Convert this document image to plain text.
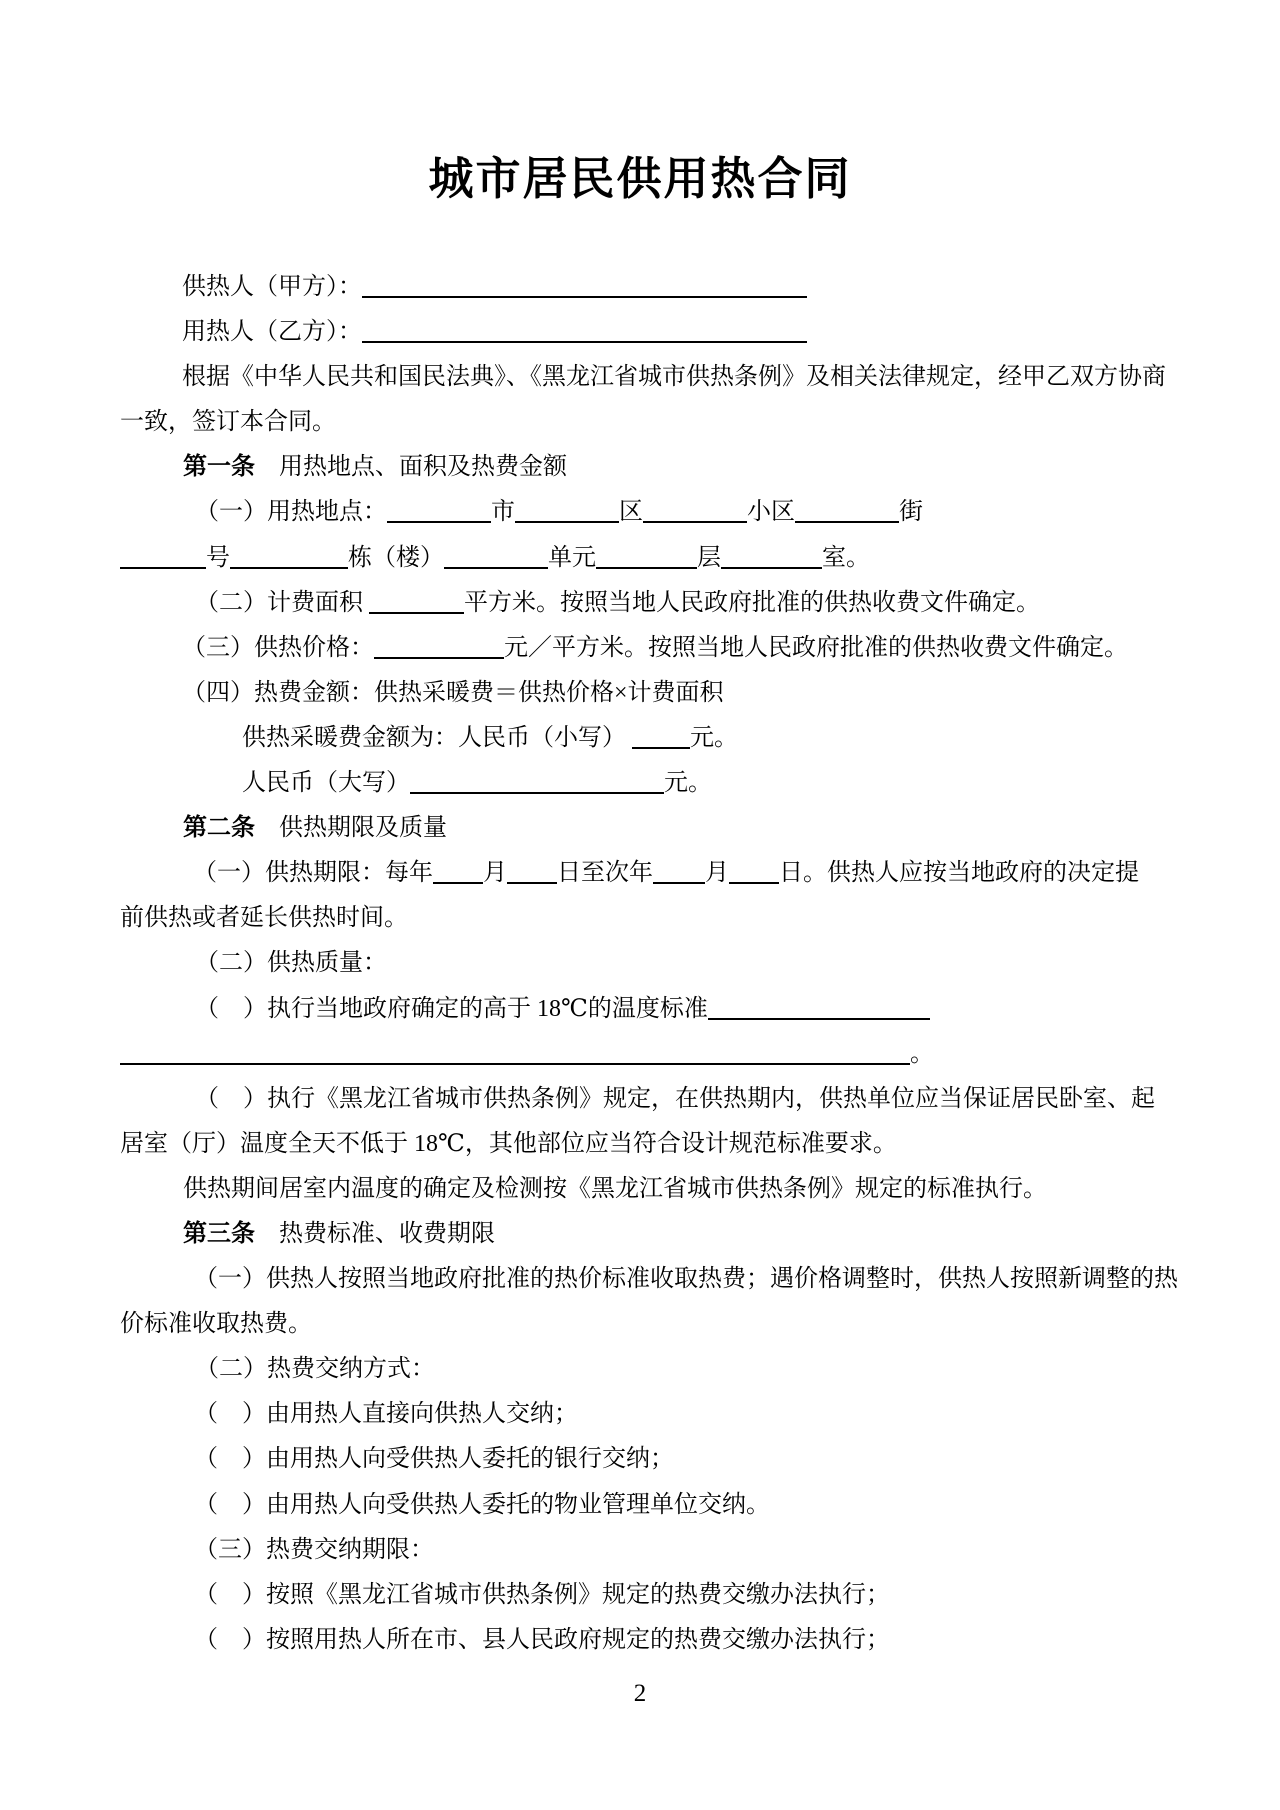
城市居民供用热合同
供热人（甲方）：
用热人（乙方）：
根据《中华人民共和国民法典》、《黑龙江省城市供热条例》及相关法律规定，经甲乙双方协商
一致，签订本合同。
第一条　用热地点、面积及热费金额
（一）用热地点：	市	区	小区	街
号	栋（楼）	单元	层	室。
（二）计费面积	平方米。按照当地人民政府批准的供热收费文件确定。
（三）供热价格：	元／平方米。按照当地人民政府批准的供热收费文件确定。
（四）热费金额：供热采暖费＝供热价格×计费面积
供热采暖费金额为：人民币（小写） 元。
人民币（大写）	元。
第二条　供热期限及质量
（一）供热期限：每年 月 日至次年 月 日。供热人应按当地政府的决定提
前供热或者延长供热时间。
（二）供热质量：
（　）执行当地政府确定的高于 18℃的温度标准
。
（　）执行《黑龙江省城市供热条例》规定，在供热期内，供热单位应当保证居民卧室、起
居室（厅）温度全天不低于 18℃，其他部位应当符合设计规范标准要求。
供热期间居室内温度的确定及检测按《黑龙江省城市供热条例》规定的标准执行。
第三条　热费标准、收费期限
（一）供热人按照当地政府批准的热价标准收取热费；遇价格调整时，供热人按照新调整的热
价标准收取热费。
（二）热费交纳方式：
（　）由用热人直接向供热人交纳；
（　）由用热人向受供热人委托的银行交纳；
（　）由用热人向受供热人委托的物业管理单位交纳。
（三）热费交纳期限：
（　）按照《黑龙江省城市供热条例》规定的热费交缴办法执行；
（　）按照用热人所在市、县人民政府规定的热费交缴办法执行；
2
